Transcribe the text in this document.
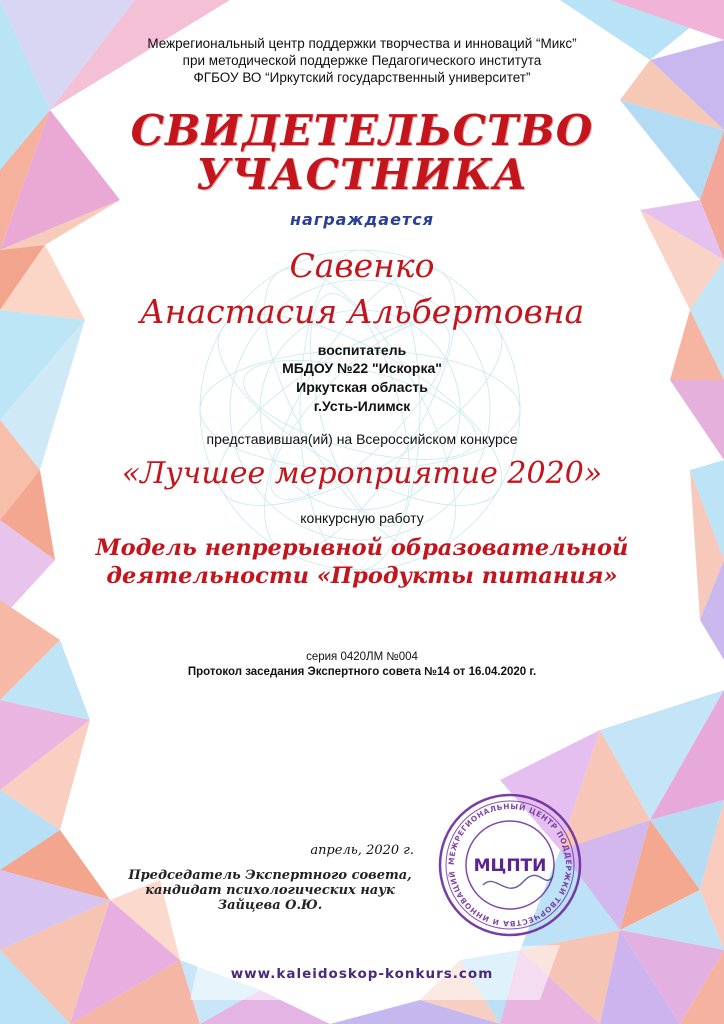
Межрегиональный центр поддержки творчества и инноваций “Микс”

при методической поддержке Педагогического института

ФГБОУ ВО “Иркутский государственный университет”

СВИДЕТЕЛЬСТВО

УЧАСТНИКА

награждается

Савенко

Анастасия Альбертовна

воспитатель

МБДОУ №22 "Искорка"

Иркутская область

г.Усть-Илимск

представившая(ий) на Всероссийском конкурсе

«Лучшее мероприятие 2020»

конкурсную работу

Модель непрерывной образовательной

деятельности «Продукты питания»

серия 0420ЛМ №004

Протокол заседания Экспертного совета №14 от 16.04.2020 г.

апрель, 2020 г.
Председатель Экспертного совета,
кандидат психологических наук
Зайцева О.Ю.
МЕЖРЕГИОНАЛЬНЫЙ ЦЕНТР ПОДДЕРЖКИ ТВОРЧЕСТВА И ИННОВАЦИЙ МЦПТИ
www.kaleidoskop-konkurs.com
